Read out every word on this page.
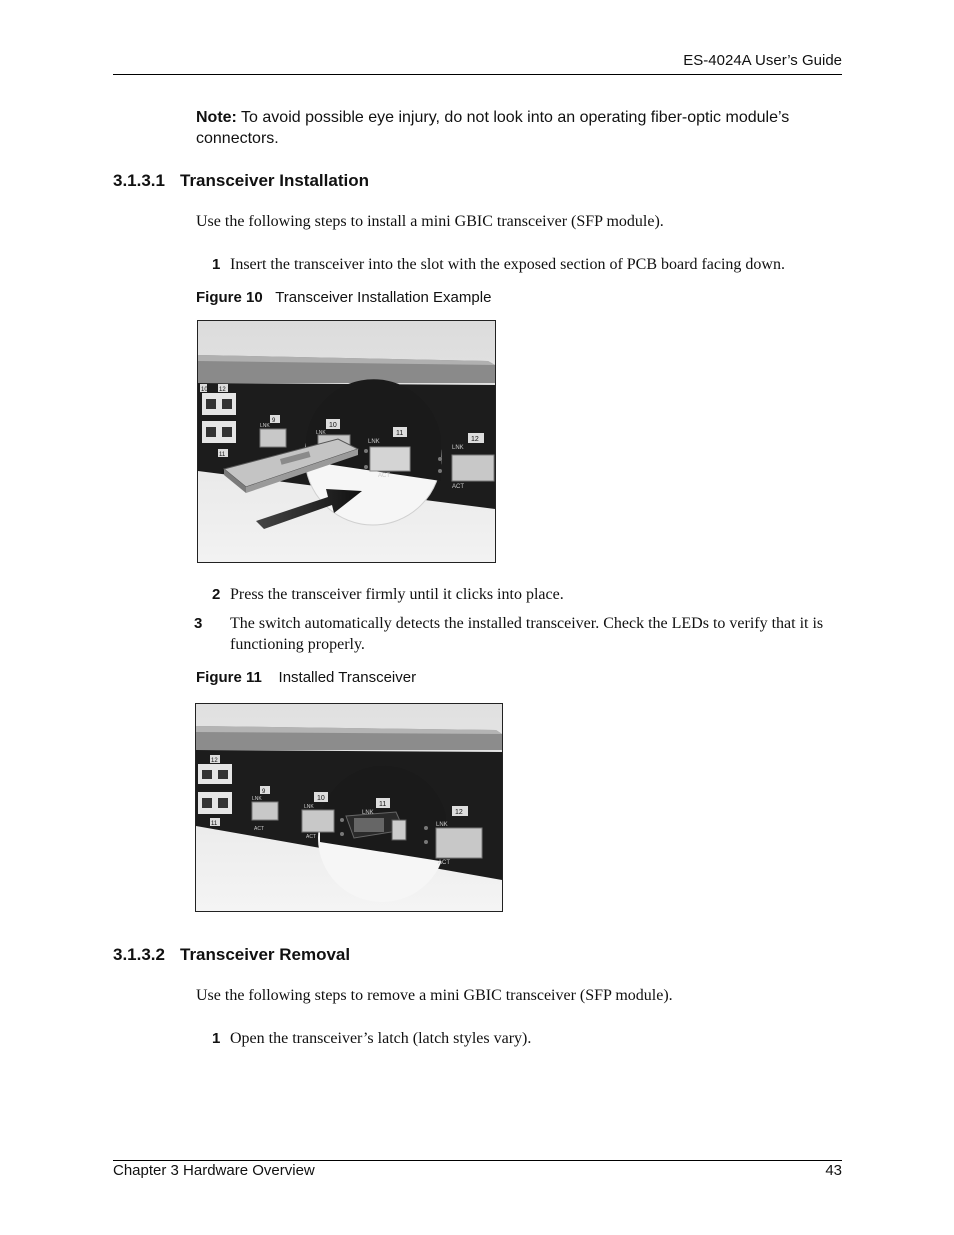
ES-4024A User’s Guide
Note: To avoid possible eye injury, do not look into an operating fiber-optic module’s connectors.
3.1.3.1 Transceiver Installation
Use the following steps to install a mini GBIC transceiver (SFP module).
1 Insert the transceiver into the slot with the exposed section of PCB board facing down.
Figure 10 Transceiver Installation Example
10 12
9
11
10
11
12
LNK
LNK
LNK
LNK
ACT
ACT
2 Press the transceiver firmly until it clicks into place.
3 The switch automatically detects the installed transceiver. Check the LEDs to verify that it is functioning properly.
Figure 11 Installed Transceiver
12
9
10
11
12
11
LNK
LNK
LNK
LNK
ACT
ACT
ACT
3.1.3.2 Transceiver Removal
Use the following steps to remove a mini GBIC transceiver (SFP module).
1 Open the transceiver’s latch (latch styles vary).
Chapter 3 Hardware Overview	43
